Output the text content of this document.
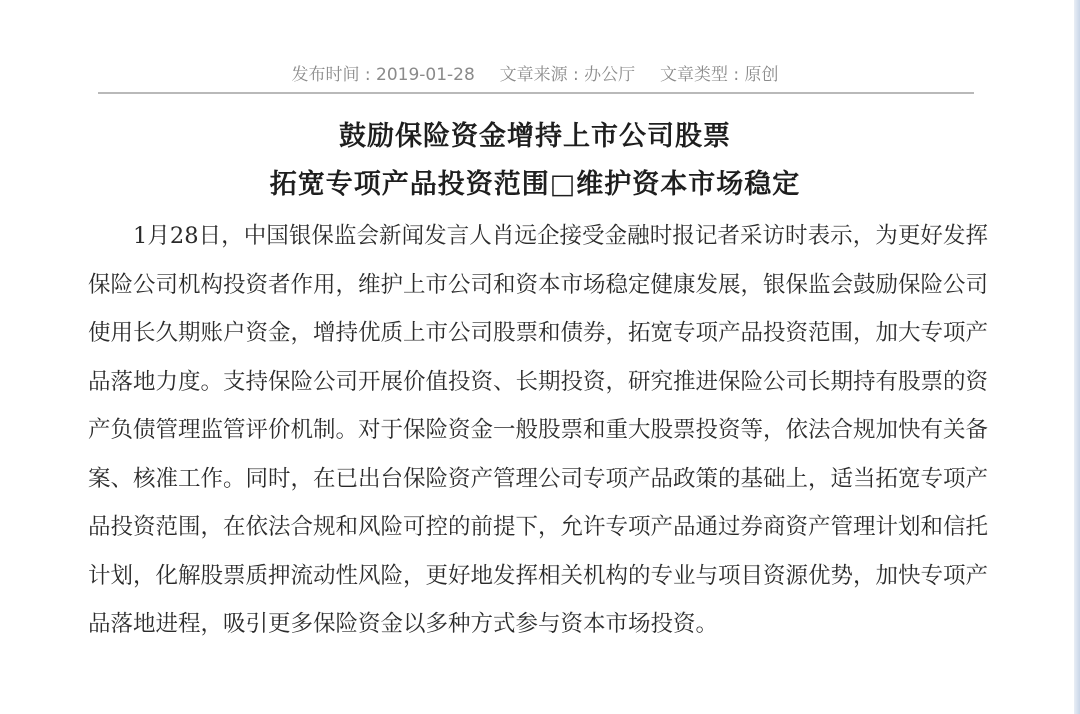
发布时间 : 2019-01-28 文章来源 : 办公厅 文章类型 : 原创
鼓励保险资金增持上市公司股票
拓宽专项产品投资范围□维护资本市场稳定

1月28日，中国银保监会新闻发言人肖远企接受金融时报记者采访时表示，为更好发挥保险公司机构投资者作用，维护上市公司和资本市场稳定健康发展，银保监会鼓励保险公司使用长久期账户资金，增持优质上市公司股票和债券，拓宽专项产品投资范围，加大专项产品落地力度。支持保险公司开展价值投资、长期投资，研究推进保险公司长期持有股票的资产负债管理监管评价机制。对于保险资金一般股票和重大股票投资等，依法合规加快有关备案、核准工作。同时，在已出台保险资产管理公司专项产品政策的基础上，适当拓宽专项产品投资范围，在依法合规和风险可控的前提下，允许专项产品通过券商资产管理计划和信托计划，化解股票质押流动性风险，更好地发挥相关机构的专业与项目资源优势，加快专项产品落地进程，吸引更多保险资金以多种方式参与资本市场投资。
